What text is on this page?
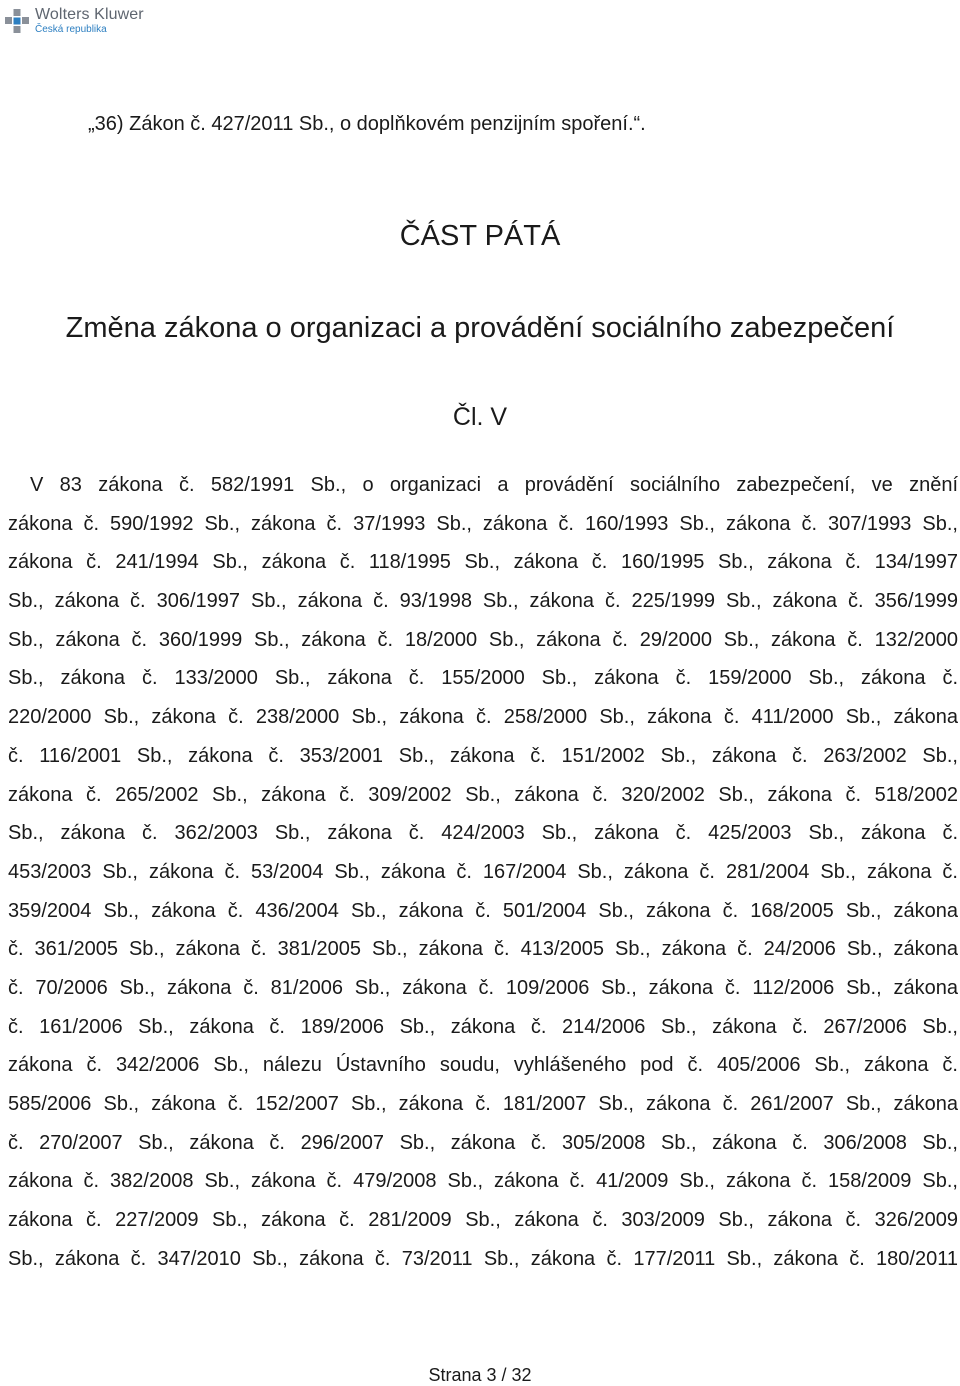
Wolters Kluwer
Česká republika
„36) Zákon č. 427/2011 Sb., o doplňkovém penzijním spoření.“.
ČÁST PÁTÁ
Změna zákona o organizaci a provádění sociálního zabezpečení
Čl. V
V 83 zákona č. 582/1991 Sb., o organizaci a provádění sociálního zabezpečení, ve znění
zákona č. 590/1992 Sb., zákona č. 37/1993 Sb., zákona č. 160/1993 Sb., zákona č. 307/1993 Sb.,
zákona č. 241/1994 Sb., zákona č. 118/1995 Sb., zákona č. 160/1995 Sb., zákona č. 134/1997
Sb., zákona č. 306/1997 Sb., zákona č. 93/1998 Sb., zákona č. 225/1999 Sb., zákona č. 356/1999
Sb., zákona č. 360/1999 Sb., zákona č. 18/2000 Sb., zákona č. 29/2000 Sb., zákona č. 132/2000
Sb., zákona č. 133/2000 Sb., zákona č. 155/2000 Sb., zákona č. 159/2000 Sb., zákona č.
220/2000 Sb., zákona č. 238/2000 Sb., zákona č. 258/2000 Sb., zákona č. 411/2000 Sb., zákona
č. 116/2001 Sb., zákona č. 353/2001 Sb., zákona č. 151/2002 Sb., zákona č. 263/2002 Sb.,
zákona č. 265/2002 Sb., zákona č. 309/2002 Sb., zákona č. 320/2002 Sb., zákona č. 518/2002
Sb., zákona č. 362/2003 Sb., zákona č. 424/2003 Sb., zákona č. 425/2003 Sb., zákona č.
453/2003 Sb., zákona č. 53/2004 Sb., zákona č. 167/2004 Sb., zákona č. 281/2004 Sb., zákona č.
359/2004 Sb., zákona č. 436/2004 Sb., zákona č. 501/2004 Sb., zákona č. 168/2005 Sb., zákona
č. 361/2005 Sb., zákona č. 381/2005 Sb., zákona č. 413/2005 Sb., zákona č. 24/2006 Sb., zákona
č. 70/2006 Sb., zákona č. 81/2006 Sb., zákona č. 109/2006 Sb., zákona č. 112/2006 Sb., zákona
č. 161/2006 Sb., zákona č. 189/2006 Sb., zákona č. 214/2006 Sb., zákona č. 267/2006 Sb.,
zákona č. 342/2006 Sb., nálezu Ústavního soudu, vyhlášeného pod č. 405/2006 Sb., zákona č.
585/2006 Sb., zákona č. 152/2007 Sb., zákona č. 181/2007 Sb., zákona č. 261/2007 Sb., zákona
č. 270/2007 Sb., zákona č. 296/2007 Sb., zákona č. 305/2008 Sb., zákona č. 306/2008 Sb.,
zákona č. 382/2008 Sb., zákona č. 479/2008 Sb., zákona č. 41/2009 Sb., zákona č. 158/2009 Sb.,
zákona č. 227/2009 Sb., zákona č. 281/2009 Sb., zákona č. 303/2009 Sb., zákona č. 326/2009
Sb., zákona č. 347/2010 Sb., zákona č. 73/2011 Sb., zákona č. 177/2011 Sb., zákona č. 180/2011
Strana 3 / 32
